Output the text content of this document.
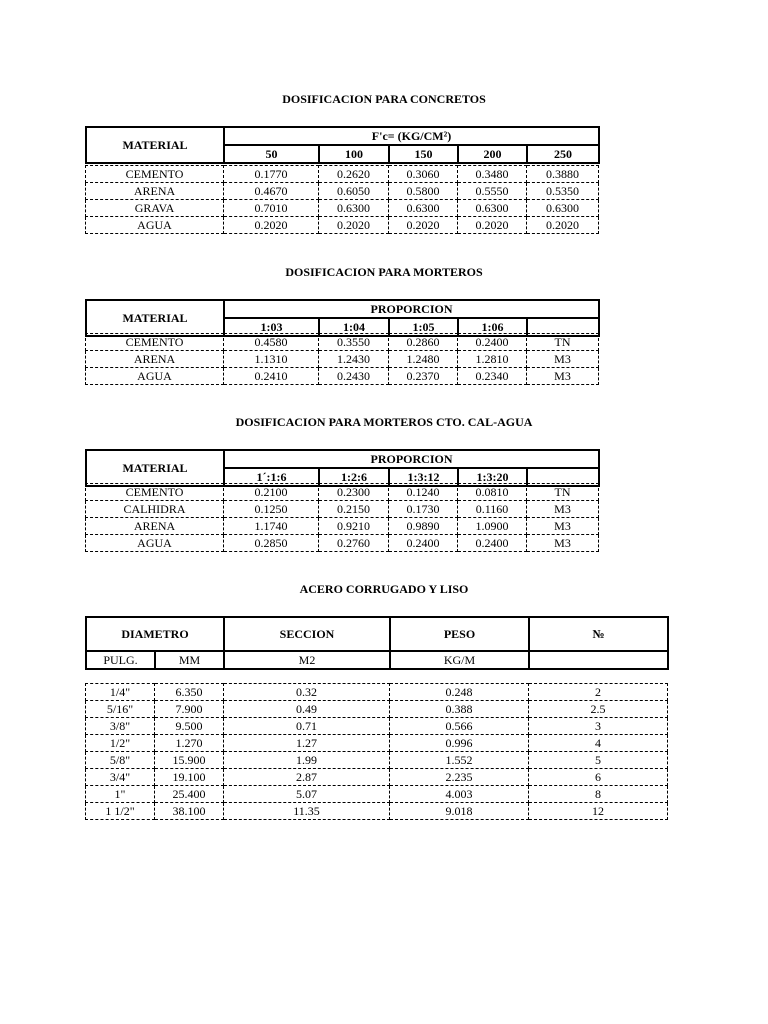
DOSIFICACION PARA CONCRETOS
MATERIAL	F'c= (KG/CM²)				
	50	100	150	200	250
CEMENTO	0.1770	0.2620	0.3060	0.3480	0.3880
ARENA	0.4670	0.6050	0.5800	0.5550	0.5350
GRAVA	0.7010	0.6300	0.6300	0.6300	0.6300
AGUA	0.2020	0.2020	0.2020	0.2020	0.2020
DOSIFICACION PARA MORTEROS
MATERIAL	PROPORCION				
	1:03	1:04	1:05	1:06	
CEMENTO	0.4580	0.3550	0.2860	0.2400	TN
ARENA	1.1310	1.2430	1.2480	1.2810	M3
AGUA	0.2410	0.2430	0.2370	0.2340	M3
DOSIFICACION PARA MORTEROS CTO. CAL-AGUA
MATERIAL	PROPORCION				
	1´:1:6	1:2:6	1:3:12	1:3:20	
CEMENTO	0.2100	0.2300	0.1240	0.0810	TN
CALHIDRA	0.1250	0.2150	0.1730	0.1160	M3
ARENA	1.1740	0.9210	0.9890	1.0900	M3
AGUA	0.2850	0.2760	0.2400	0.2400	M3
ACERO CORRUGADO Y LISO
DIAMETRO		SECCION	PESO	№
PULG.	MM	M2	KG/M	
1/4"	6.350	0.32	0.248	2
5/16"	7.900	0.49	0.388	2.5
3/8"	9.500	0.71	0.566	3
1/2"	1.270	1.27	0.996	4
5/8"	15.900	1.99	1.552	5
3/4"	19.100	2.87	2.235	6
1"	25.400	5.07	4.003	8
1 1/2"	38.100	11.35	9.018	12
